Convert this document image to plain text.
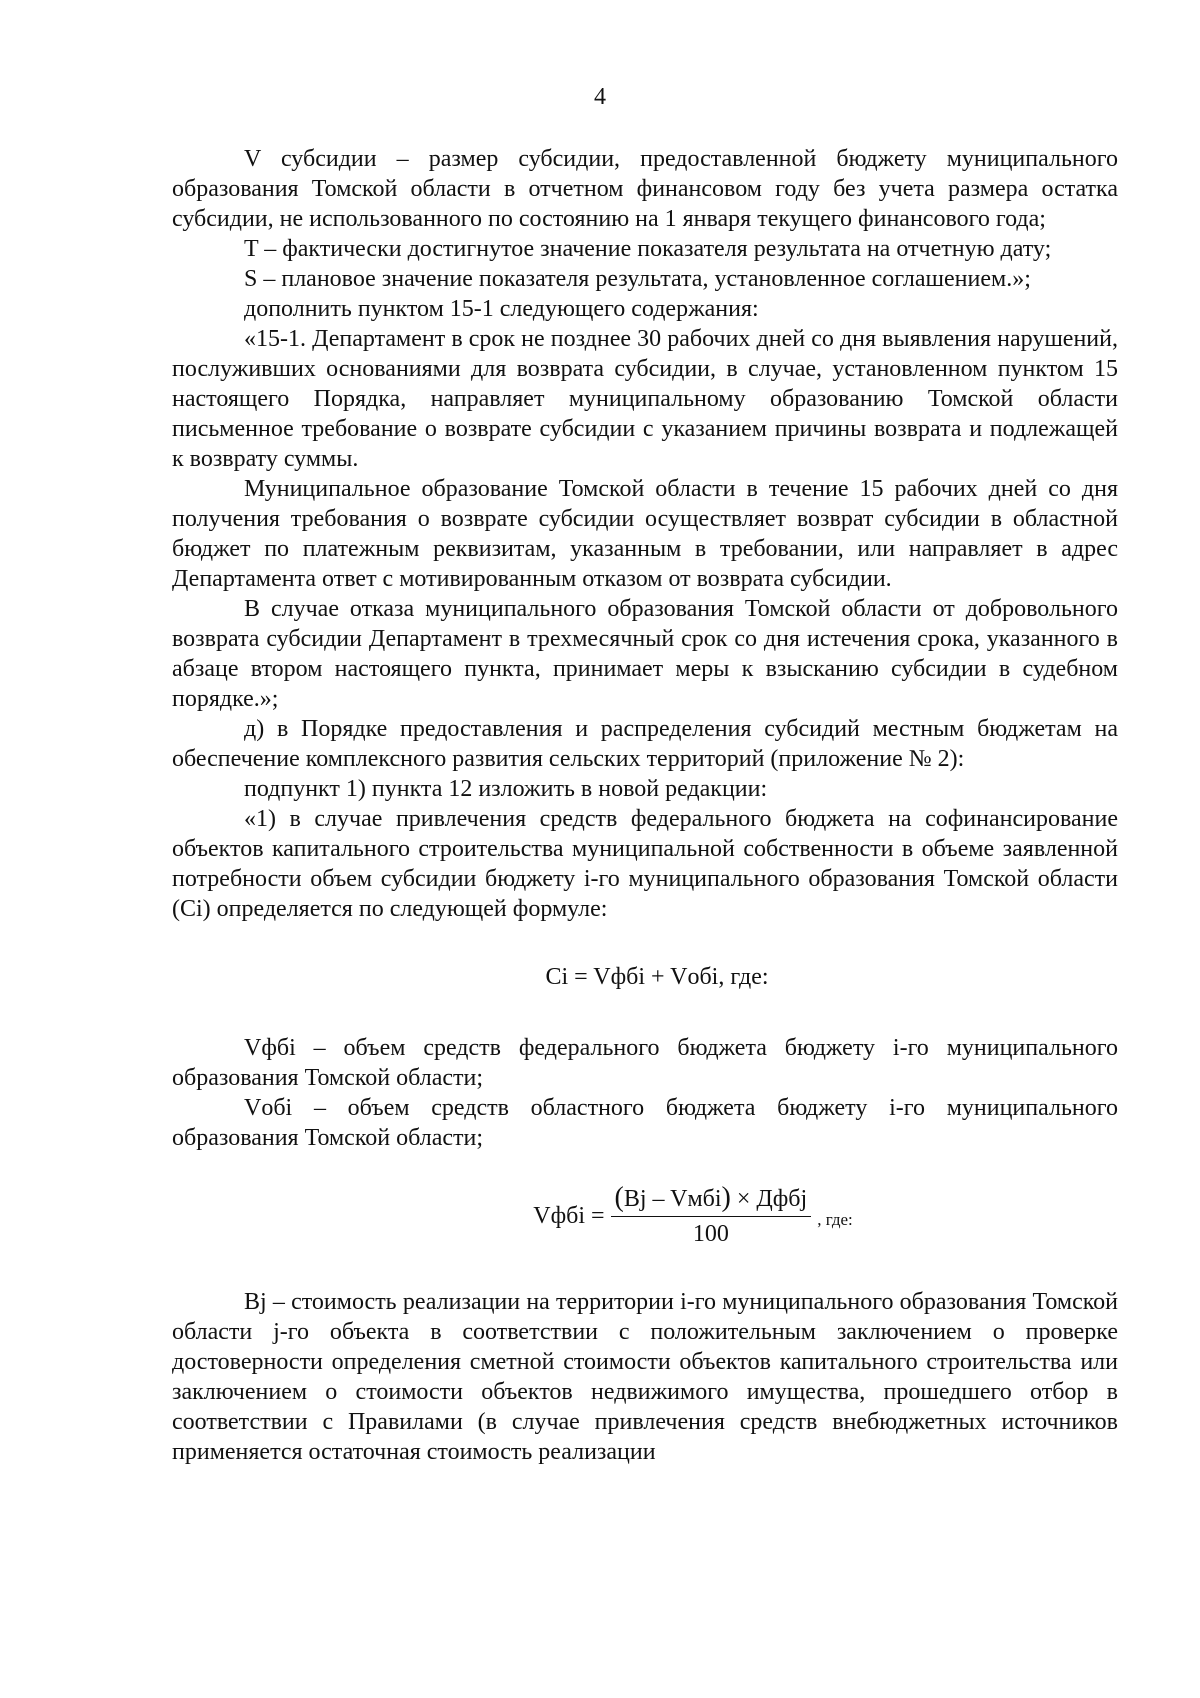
4

V субсидии – размер субсидии, предоставленной бюджету муниципального образования Томской области в отчетном финансовом году без учета размера остатка субсидии, не использованного по состоянию на 1 января текущего финансового года;

T – фактически достигнутое значение показателя результата на отчетную дату;

S – плановое значение показателя результата, установленное соглашением.»;

дополнить пунктом 15-1 следующего содержания:

«15-1. Департамент в срок не позднее 30 рабочих дней со дня выявления нарушений, послуживших основаниями для возврата субсидии, в случае, установленном пунктом 15 настоящего Порядка, направляет муниципальному образованию Томской области письменное требование о возврате субсидии с указанием причины возврата и подлежащей к возврату суммы.

Муниципальное образование Томской области в течение 15 рабочих дней со дня получения требования о возврате субсидии осуществляет возврат субсидии в областной бюджет по платежным реквизитам, указанным в требовании, или направляет в адрес Департамента ответ с мотивированным отказом от возврата субсидии.

В случае отказа муниципального образования Томской области от добровольного возврата субсидии Департамент в трехмесячный срок со дня истечения срока, указанного в абзаце втором настоящего пункта, принимает меры к взысканию субсидии в судебном порядке.»;

д) в Порядке предоставления и распределения субсидий местным бюджетам на обеспечение комплексного развития сельских территорий (приложение № 2):

подпункт 1) пункта 12 изложить в новой редакции:

«1) в случае привлечения средств федерального бюджета на софинансирование объектов капитального строительства муниципальной собственности в объеме заявленной потребности объем субсидии бюджету i-го муниципального образования Томской области (Ci) определяется по следующей формуле:

Ci = Vфбi + Vобi, где:

Vфбi – объем средств федерального бюджета бюджету i-го муниципального образования Томской области;

Vобi – объем средств областного бюджета бюджету i-го муниципального образования Томской области;

Vфбi = $\frac{\text{(Bj – Vмбi) × Дфбj}}{100}$ , где:

Bj – стоимость реализации на территории i-го муниципального образования Томской области j-го объекта в соответствии с положительным заключением о проверке достоверности определения сметной стоимости объектов капитального строительства или заключением о стоимости объектов недвижимого имущества, прошедшего отбор в соответствии с Правилами (в случае привлечения средств внебюджетных источников применяется остаточная стоимость реализации
